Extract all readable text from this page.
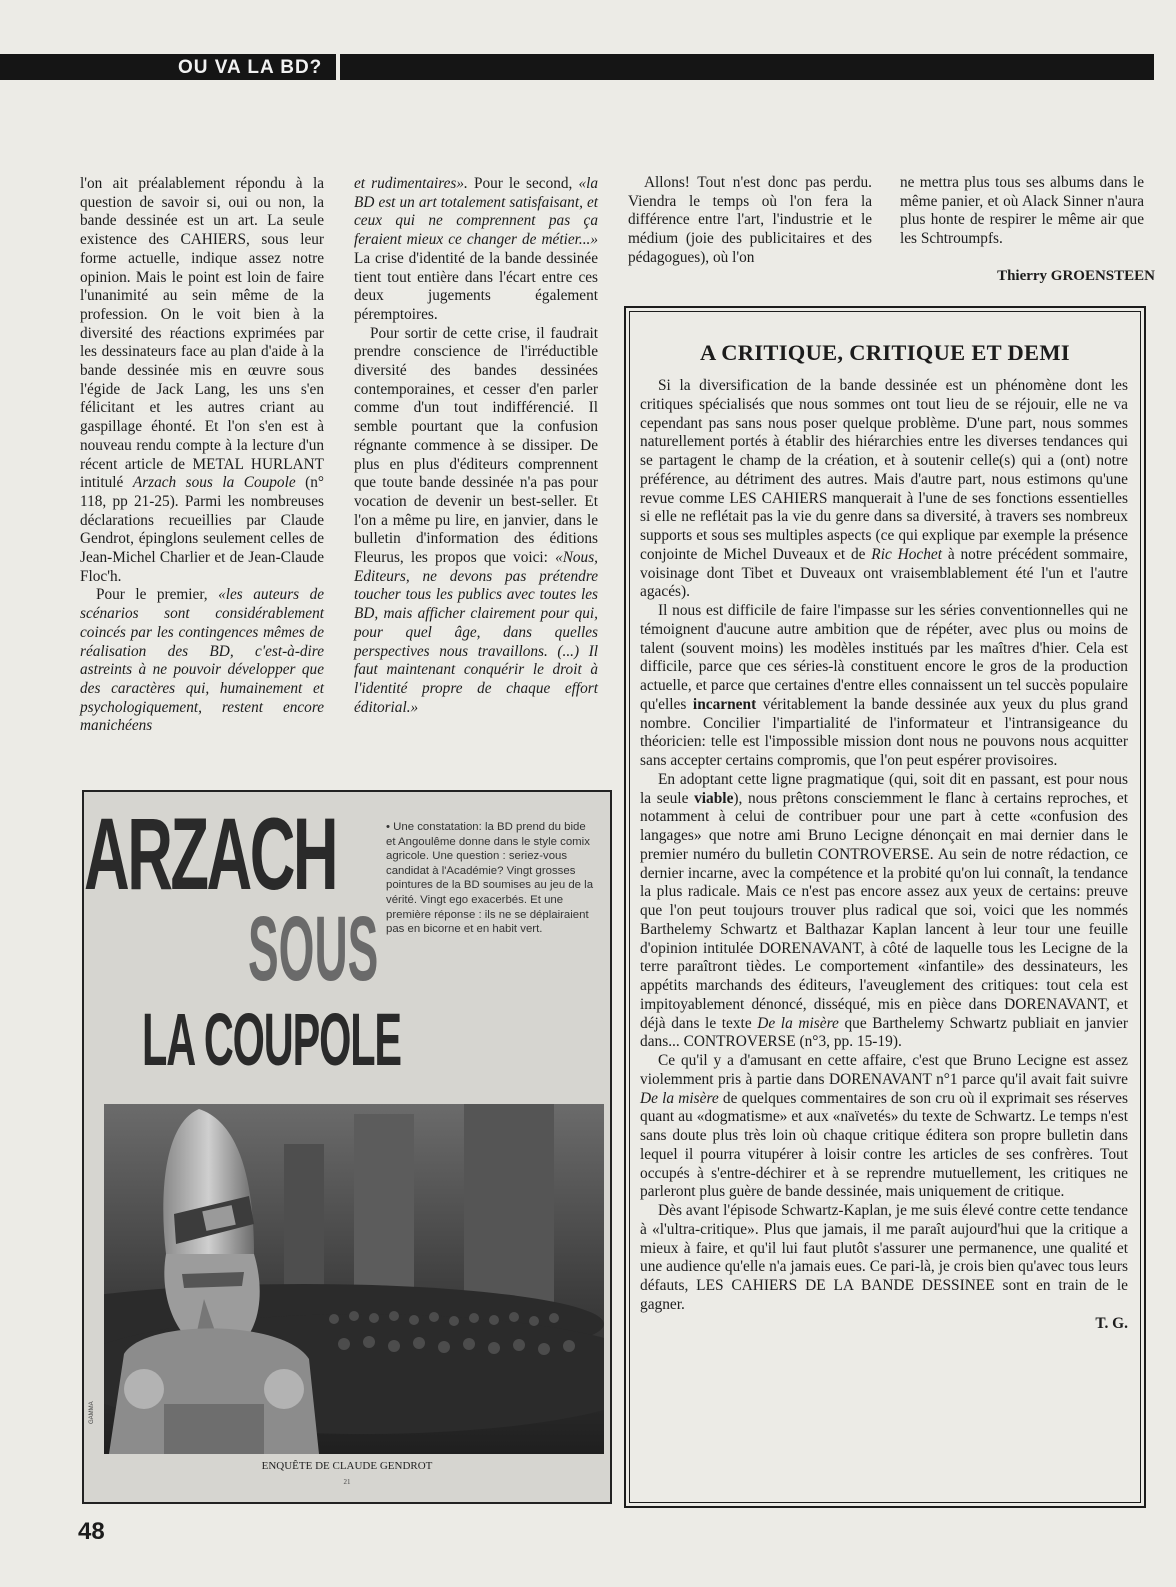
OU VA LA BD?

l'on ait préalablement répondu à la question de savoir si, oui ou non, la bande dessinée est un art. La seule existence des CAHIERS, sous leur forme actuelle, indique assez notre opinion. Mais le point est loin de faire l'unanimité au sein même de la profession. On le voit bien à la diversité des réactions exprimées par les dessinateurs face au plan d'aide à la bande dessinée mis en œuvre sous l'égide de Jack Lang, les uns s'en félicitant et les autres criant au gaspillage éhonté. Et l'on s'en est à nouveau rendu compte à la lecture d'un récent article de METAL HURLANT intitulé Arzach sous la Coupole (n° 118, pp 21-25). Parmi les nombreuses déclarations recueillies par Claude Gendrot, épinglons seulement celles de Jean-Michel Charlier et de Jean-Claude Floc'h.

Pour le premier, «les auteurs de scénarios sont considérablement coincés par les contingences mêmes de réalisation des BD, c'est-à-dire astreints à ne pouvoir développer que des caractères qui, humainement et psychologiquement, restent encore manichéens

et rudimentaires». Pour le second, «la BD est un art totalement satisfaisant, et ceux qui ne comprennent pas ça feraient mieux ce changer de métier...» La crise d'identité de la bande dessinée tient tout entière dans l'écart entre ces deux jugements également péremptoires.

Pour sortir de cette crise, il faudrait prendre conscience de l'irréductible diversité des bandes dessinées contemporaines, et cesser d'en parler comme d'un tout indifférencié. Il semble pourtant que la confusion régnante commence à se dissiper. De plus en plus d'éditeurs comprennent que toute bande dessinée n'a pas pour vocation de devenir un best-seller. Et l'on a même pu lire, en janvier, dans le bulletin d'information des éditions Fleurus, les propos que voici: «Nous, Editeurs, ne devons pas prétendre toucher tous les publics avec toutes les BD, mais afficher clairement pour qui, pour quel âge, dans quelles perspectives nous travaillons. (...) Il faut maintenant conquérir le droit à l'identité propre de chaque effort éditorial.»

Allons! Tout n'est donc pas perdu. Viendra le temps où l'on fera la différence entre l'art, l'industrie et le médium (joie des publicitaires et des pédagogues), où l'on

ne mettra plus tous ses albums dans le même panier, et où Alack Sinner n'aura plus honte de respirer le même air que les Schtroumpfs.

Thierry GROENSTEEN
A CRITIQUE, CRITIQUE ET DEMI

Si la diversification de la bande dessinée est un phénomène dont les critiques spécialisés que nous sommes ont tout lieu de se réjouir, elle ne va cependant pas sans nous poser quelque problème. D'une part, nous sommes naturellement portés à établir des hiérarchies entre les diverses tendances qui se partagent le champ de la création, et à soutenir celle(s) qui a (ont) notre préférence, au détriment des autres. Mais d'autre part, nous estimons qu'une revue comme LES CAHIERS manquerait à l'une de ses fonctions essentielles si elle ne reflétait pas la vie du genre dans sa diversité, à travers ses nombreux supports et sous ses multiples aspects (ce qui explique par exemple la présence conjointe de Michel Duveaux et de Ric Hochet à notre précédent sommaire, voisinage dont Tibet et Duveaux ont vraisemblablement été l'un et l'autre agacés).

Il nous est difficile de faire l'impasse sur les séries conventionnelles qui ne témoignent d'aucune autre ambition que de répéter, avec plus ou moins de talent (souvent moins) les modèles institués par les maîtres d'hier. Cela est difficile, parce que ces séries-là constituent encore le gros de la production actuelle, et parce que certaines d'entre elles connaissent un tel succès populaire qu'elles incarnent véritablement la bande dessinée aux yeux du plus grand nombre. Concilier l'impartialité de l'informateur et l'intransigeance du théoricien: telle est l'impossible mission dont nous ne pouvons nous acquitter sans accepter certains compromis, que l'on peut espérer provisoires.

En adoptant cette ligne pragmatique (qui, soit dit en passant, est pour nous la seule viable), nous prêtons consciemment le flanc à certains reproches, et notamment à celui de contribuer pour une part à cette «confusion des langages» que notre ami Bruno Lecigne dénonçait en mai dernier dans le premier numéro du bulletin CONTROVERSE. Au sein de notre rédaction, ce dernier incarne, avec la compétence et la probité qu'on lui connaît, la tendance la plus radicale. Mais ce n'est pas encore assez aux yeux de certains: preuve que l'on peut toujours trouver plus radical que soi, voici que les nommés Barthelemy Schwartz et Balthazar Kaplan lancent à leur tour une feuille d'opinion intitulée DORENAVANT, à côté de laquelle tous les Lecigne de la terre paraîtront tièdes. Le comportement «infantile» des dessinateurs, les appétits marchands des éditeurs, l'aveuglement des critiques: tout cela est impitoyablement dénoncé, disséqué, mis en pièce dans DORENAVANT, et déjà dans le texte De la misère que Barthelemy Schwartz publiait en janvier dans... CONTROVERSE (n°3, pp. 15-19).

Ce qu'il y a d'amusant en cette affaire, c'est que Bruno Lecigne est assez violemment pris à partie dans DORENAVANT n°1 parce qu'il avait fait suivre De la misère de quelques commentaires de son cru où il exprimait ses réserves quant au «dogmatisme» et aux «naïvetés» du texte de Schwartz. Le temps n'est sans doute plus très loin où chaque critique éditera son propre bulletin dans lequel il pourra vitupérer à loisir contre les articles de ses confrères. Tout occupés à s'entre-déchirer et à se reprendre mutuellement, les critiques ne parleront plus guère de bande dessinée, mais uniquement de critique.

Dès avant l'épisode Schwartz-Kaplan, je me suis élevé contre cette tendance à «l'ultra-critique». Plus que jamais, il me paraît aujourd'hui que la critique a mieux à faire, et qu'il lui faut plutôt s'assurer une permanence, une qualité et une audience qu'elle n'a jamais eues. Ce pari-là, je crois bien qu'avec tous leurs défauts, LES CAHIERS DE LA BANDE DESSINEE sont en train de le gagner.

T. G.
ARZACH
SOUS
LA COUPOLE
• Une constatation: la BD prend du bide et Angoulême donne dans le style comix agricole. Une question : seriez-vous candidat à l'Académie? Vingt grosses pointures de la BD soumises au jeu de la vérité. Vingt ego exacerbés. Et une première réponse : ils ne se déplairaient pas en bicorne et en habit vert.
GAMMA
ENQUÊTE DE CLAUDE GENDROT
21
48
